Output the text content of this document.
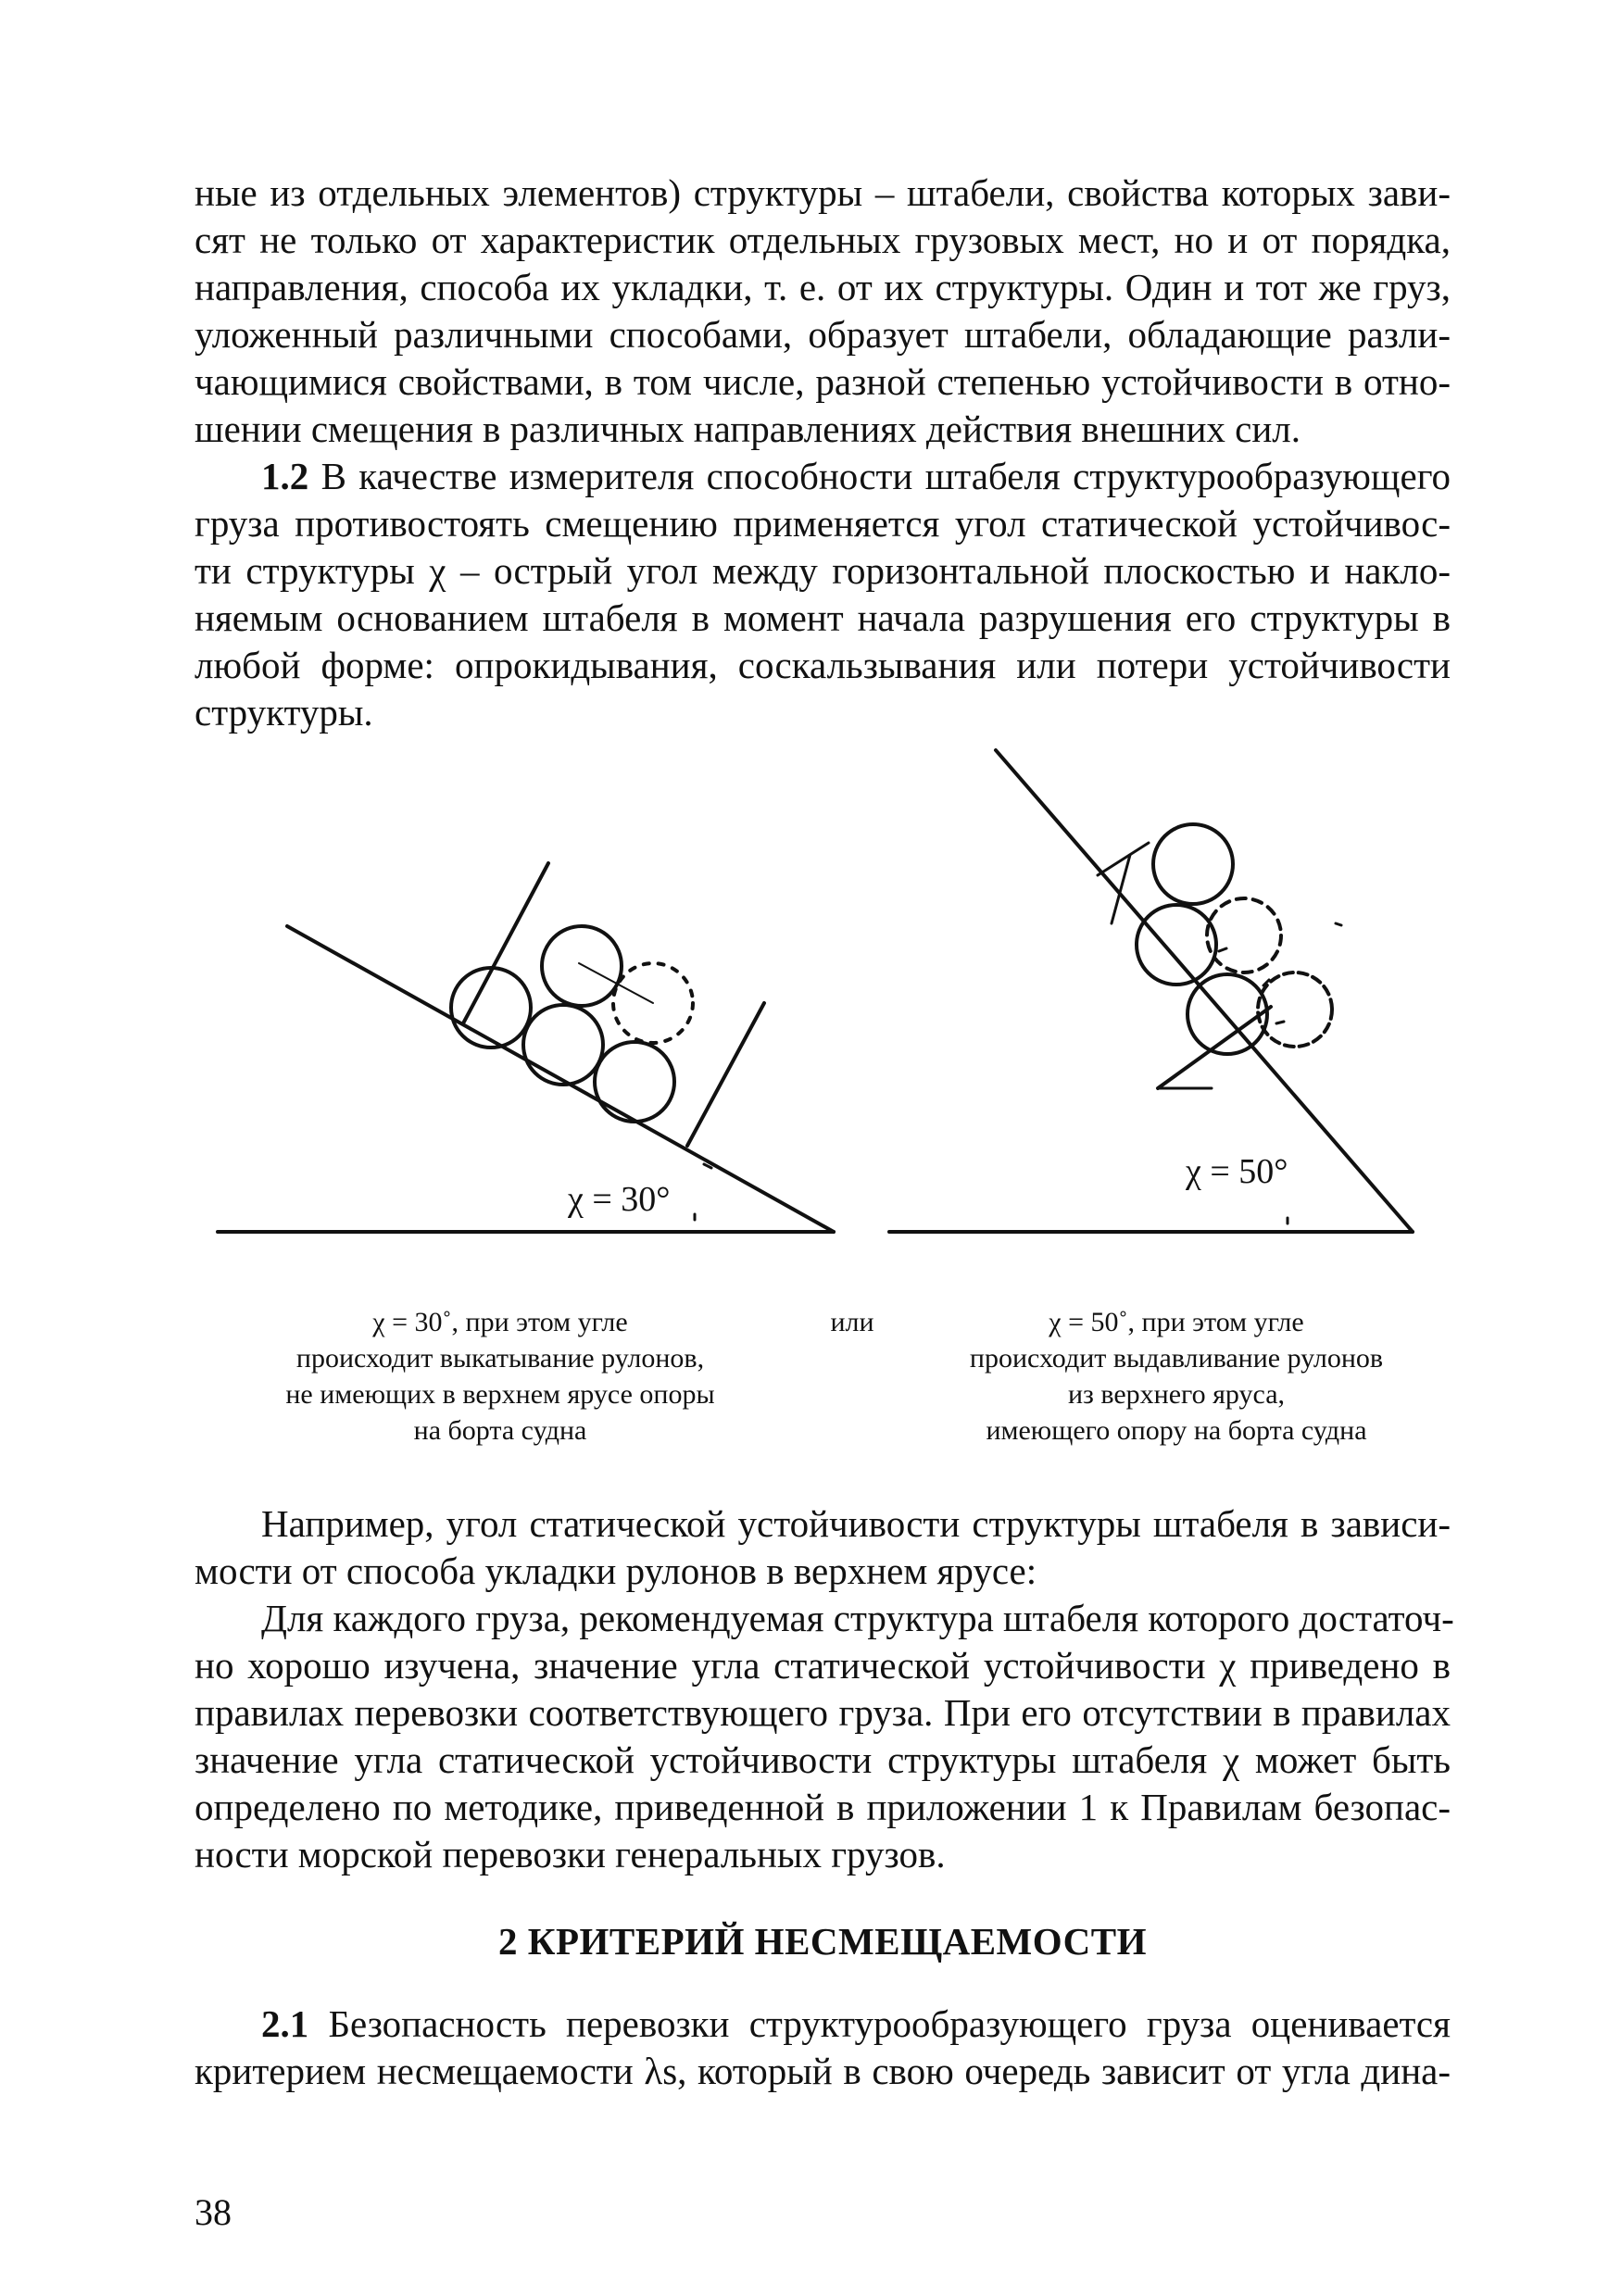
ные из отдельных элементов) структуры – штабели, свойства которых зави-
сят не только от характеристик отдельных грузовых мест, но и от порядка,
направления, способа их укладки, т. е. от их структуры. Один и тот же груз,
уложенный различными способами, образует штабели, обладающие разли-
чающимися свойствами, в том числе, разной степенью устойчивости в отно-
шении смещения в различных направлениях действия внешних сил.
1.2 В качестве измерителя способности штабеля структурообразующего
груза противостоять смещению применяется угол статической устойчивос-
ти структуры χ – острый угол между горизонтальной плоскостью и накло-
няемым основанием штабеля в момент начала разрушения его структуры в
любой форме: опрокидывания, соскальзывания или потери устойчивости
структуры.
χ = 30°
χ = 50°
χ = 30˚, при этом угле
происходит выкатывание рулонов,
не имеющих в верхнем ярусе опоры
на борта судна
или	χ = 50˚, при этом угле
происходит выдавливание рулонов
из верхнего яруса,
имеющего опору на борта судна
Например, угол статической устойчивости структуры штабеля в зависи-
мости от способа укладки рулонов в верхнем ярусе:
Для каждого груза, рекомендуемая структура штабеля которого достаточ-
но хорошо изучена, значение угла статической устойчивости χ приведено в
правилах перевозки соответствующего груза. При его отсутствии в правилах
значение угла статической устойчивости структуры штабеля χ может быть
определено по методике, приведенной в приложении 1 к Правилам безопас-
ности морской перевозки генеральных грузов.
2 КРИТЕРИЙ НЕСМЕЩАЕМОСТИ
2.1 Безопасность перевозки структурообразующего груза оценивается
критерием несмещаемости λs, который в свою очередь зависит от угла дина-
38
